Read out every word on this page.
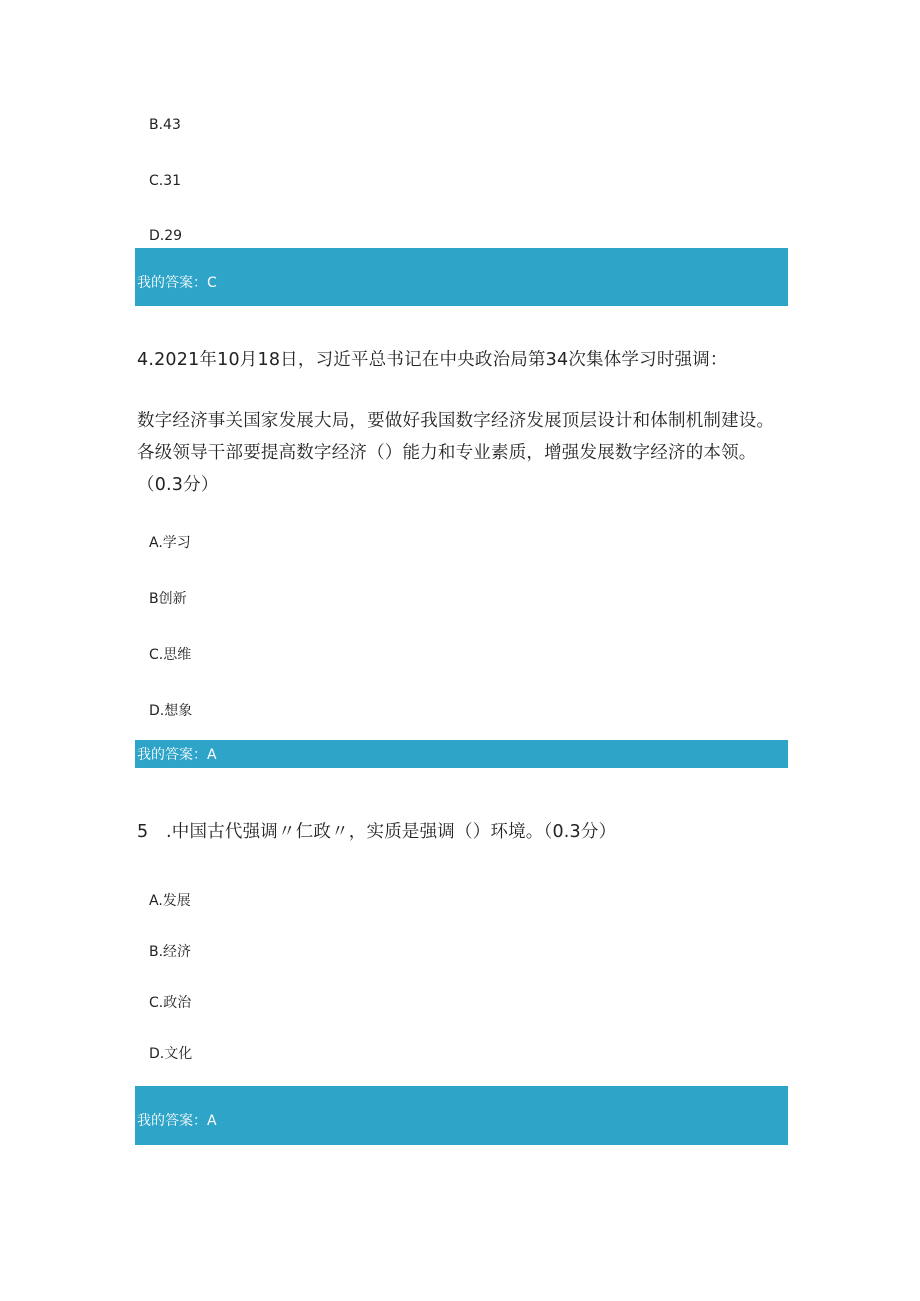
B.43
C.31
D.29
我的答案：C
4.2021年10月18日，习近平总书记在中央政治局第34次集体学习时强调：
数字经济事关国家发展大局，要做好我国数字经济发展顶层设计和体制机制建设。
各级领导干部要提高数字经济（）能力和专业素质，增强发展数字经济的本领。
（0.3分）
A.学习
B创新
C.思维
D.想象
我的答案：A
5　.中国古代强调〃仁政〃，实质是强调（）环境。（0.3分）
A.发展
B.经济
C.政治
D.文化
我的答案：A
